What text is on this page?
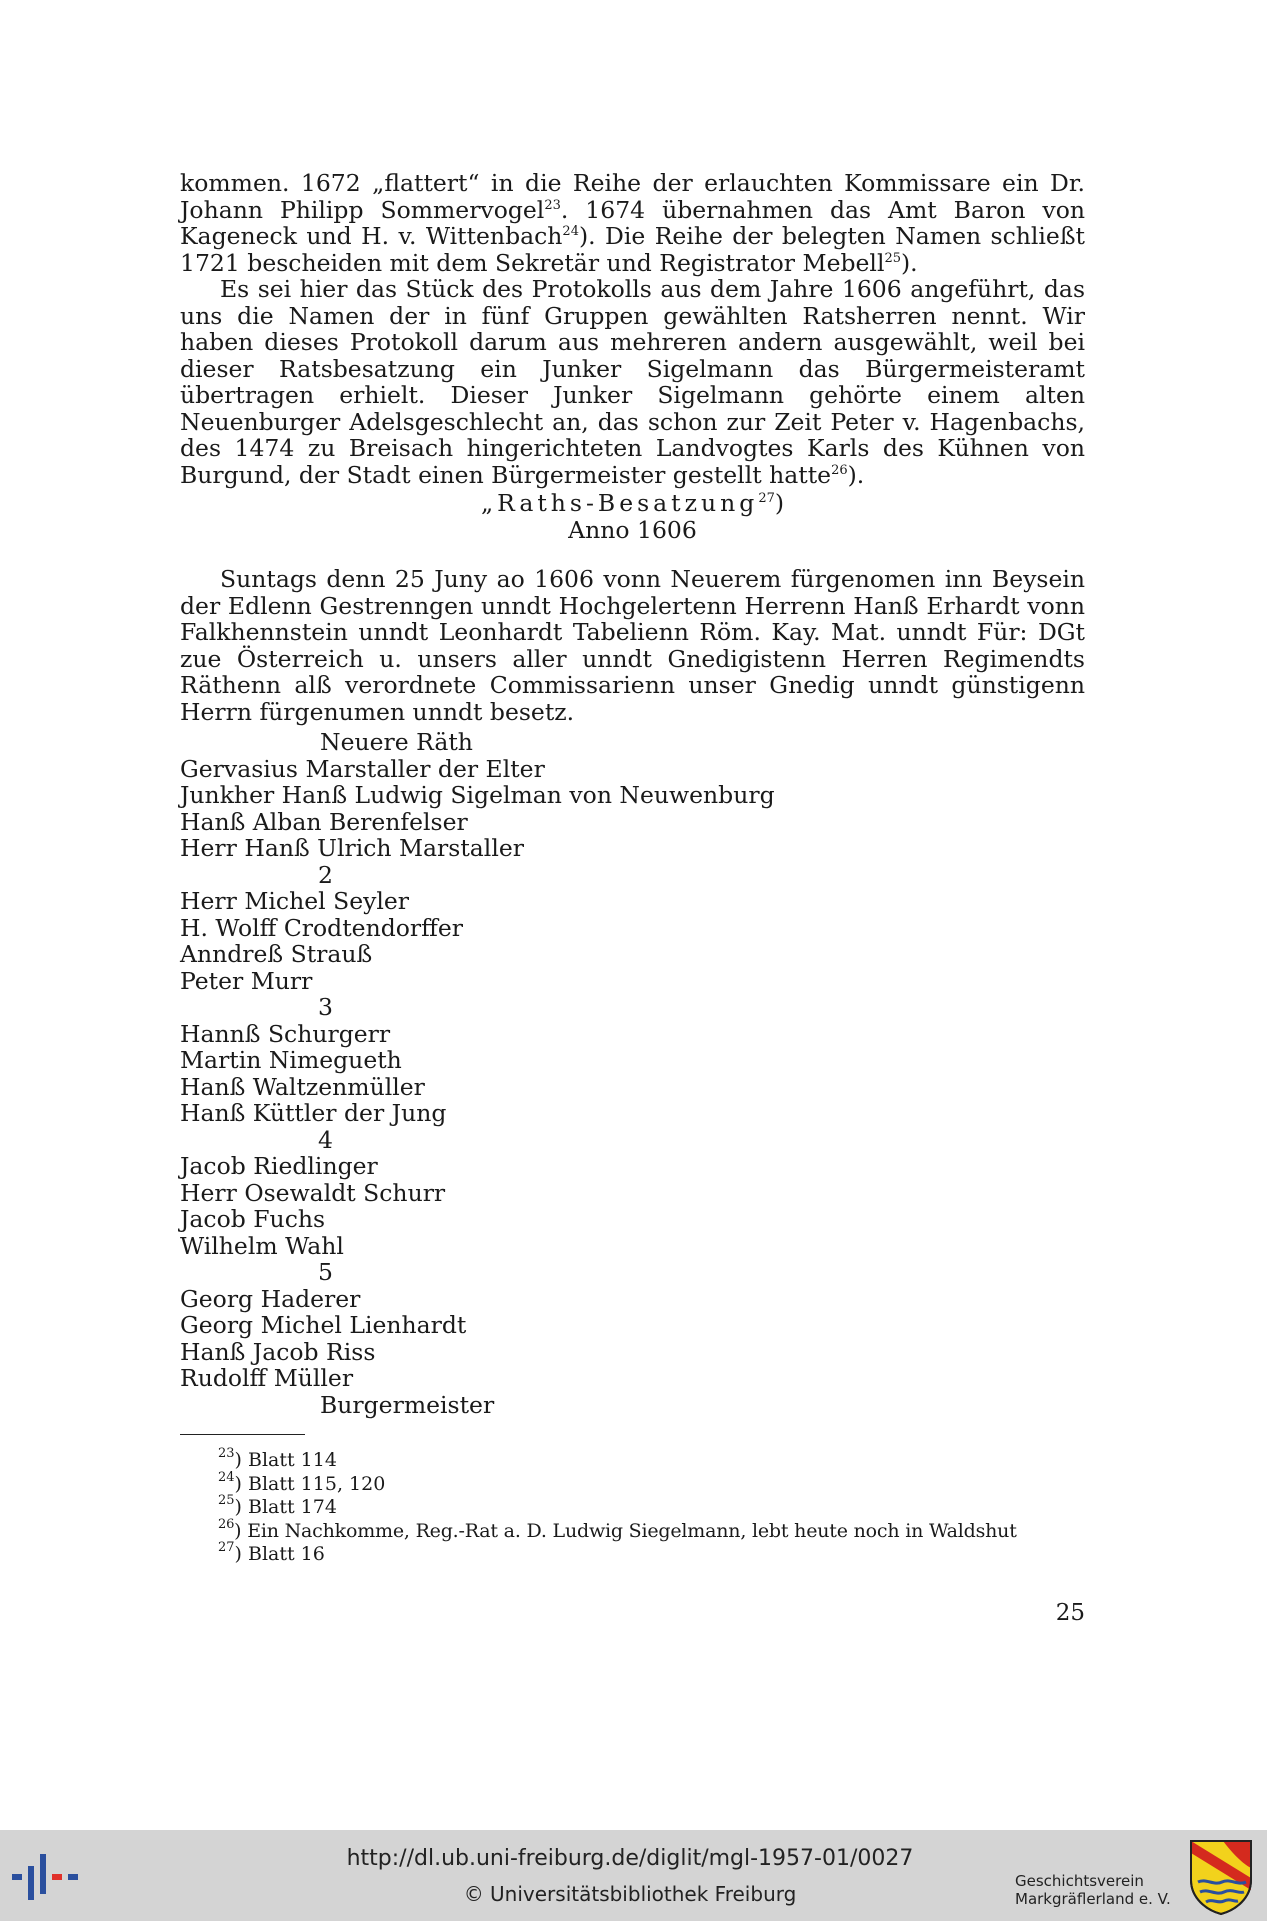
kommen. 1672 „flattert“ in die Reihe der erlauchten Kommissare ein Dr. Johann Philipp Sommervogel$^{23}$. 1674 übernahmen das Amt Baron von Kageneck und H. v. Wittenbach$^{24}$). Die Reihe der belegten Namen schließt 1721 bescheiden mit dem Sekretär und Registrator Mebell$^{25}$).

Es sei hier das Stück des Protokolls aus dem Jahre 1606 angeführt, das uns die Namen der in fünf Gruppen gewählten Ratsherren nennt. Wir haben dieses Protokoll darum aus mehreren andern ausgewählt, weil bei dieser Ratsbesatzung ein Junker Sigelmann das Bürgermeisteramt übertragen erhielt. Dieser Junker Sigelmann gehörte einem alten Neuenburger Adelsgeschlecht an, das schon zur Zeit Peter v. Hagenbachs, des 1474 zu Breisach hingerichteten Landvogtes Karls des Kühnen von Burgund, der Stadt einen Bürgermeister gestellt hatte$^{26}$).

„Raths-Besatzung$^{27}$)

Anno 1606

Suntags denn 25 Juny ao 1606 vonn Neuerem fürgenomen inn Beysein der Edlenn Gestrenngen unndt Hochgelertenn Herrenn Hanß Erhardt vonn Falkhennstein unndt Leonhardt Tabelienn Röm. Kay. Mat. unndt Für: DGt zue Österreich u. unsers aller unndt Gnedigistenn Herren Regimendts Räthenn alß verordnete Commissarienn unser Gnedig unndt günstigenn Herrn fürgenumen unndt besetz.

Neuere Räth
Gervasius Marstaller der Elter
Junkher Hanß Ludwig Sigelman von Neuwenburg
Hanß Alban Berenfelser
Herr Hanß Ulrich Marstaller
2
Herr Michel Seyler
H. Wolff Crodtendorffer
Anndreß Strauß
Peter Murr
3
Hannß Schurgerr
Martin Nimegueth
Hanß Waltzenmüller
Hanß Küttler der Jung
4
Jacob Riedlinger
Herr Osewaldt Schurr
Jacob Fuchs
Wilhelm Wahl
5
Georg Haderer
Georg Michel Lienhardt
Hanß Jacob Riss
Rudolff Müller
Burgermeister
$^{23}$) Blatt 114
$^{24}$) Blatt 115, 120
$^{25}$) Blatt 174
$^{26}$) Ein Nachkomme, Reg.-Rat a. D. Ludwig Siegelmann, lebt heute noch in Waldshut
$^{27}$) Blatt 16
25
http://dl.ub.uni-freiburg.de/diglit/mgl-1957-01/0027
© Universitätsbibliothek Freiburg
Geschichtsverein
Markgräflerland e. V.
